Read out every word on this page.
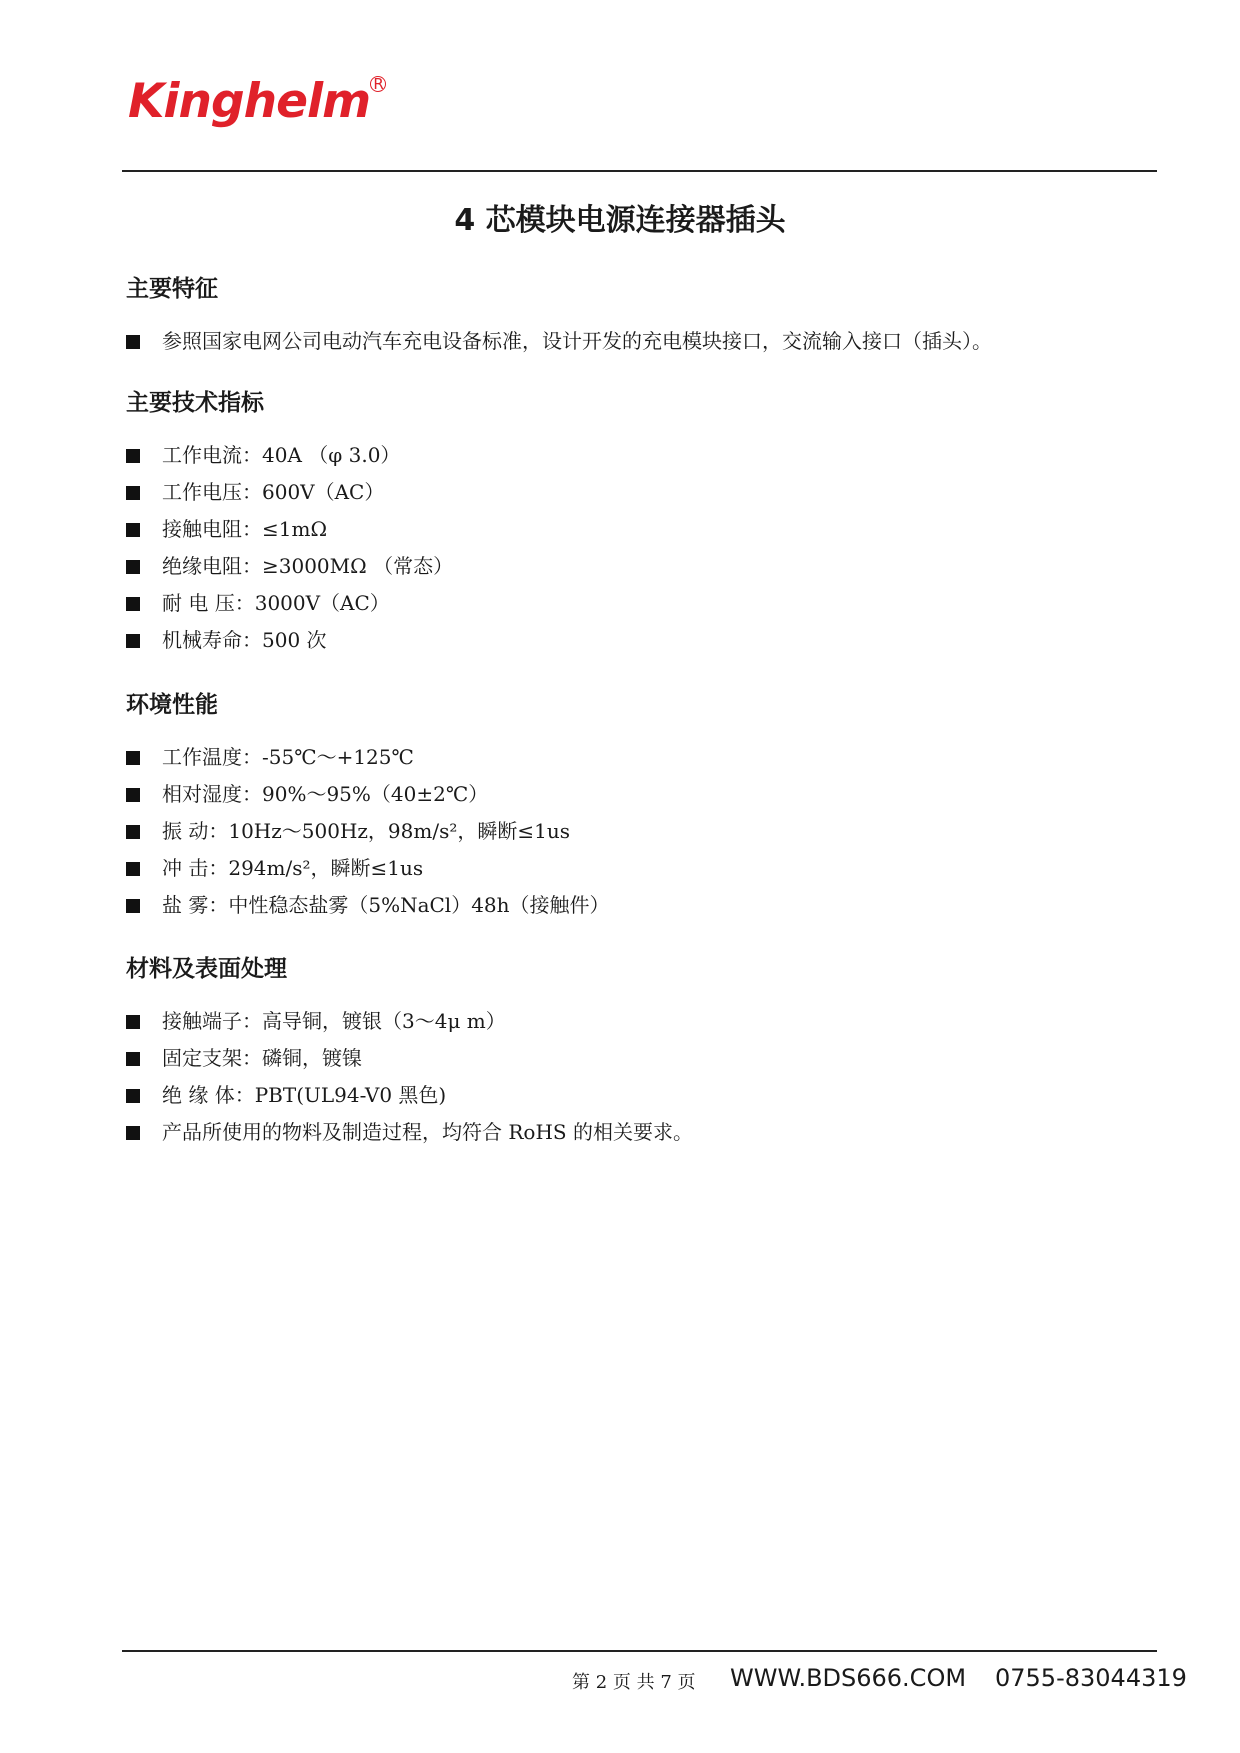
Kinghelm R
4 芯模块电源连接器插头
主要特征
参照国家电网公司电动汽车充电设备标准，设计开发的充电模块接口，交流输入接口（插头）。
主要技术指标
工作电流：40A （φ 3.0）
工作电压：600V（AC）
接触电阻：≤1mΩ
绝缘电阻：≥3000MΩ （常态）
耐 电 压：3000V（AC）
机械寿命：500 次
环境性能
工作温度：-55℃～+125℃
相对湿度：90%～95%（40±2℃）
振 动：10Hz～500Hz，98m/s²，瞬断≤1us
冲 击：294m/s²，瞬断≤1us
盐 雾：中性稳态盐雾（5%NaCl）48h（接触件）
材料及表面处理
接触端子：高导铜，镀银（3～4μ m）
固定支架：磷铜，镀镍
绝 缘 体：PBT(UL94-V0 黑色)
产品所使用的物料及制造过程，均符合 RoHS 的相关要求。
第 2 页 共 7 页 WWW.BDS666.COM 0755-83044319
